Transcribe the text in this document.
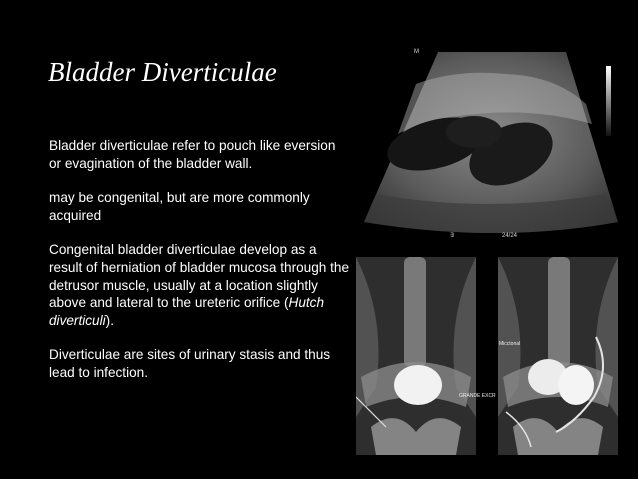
Bladder Diverticulae

Bladder diverticulae refer to pouch like eversion or evagination of the bladder wall.

may be congenital, but are more commonly acquired

Congenital bladder diverticulae develop as a result of herniation of bladder mucosa through the detrusor muscle, usually at a location slightly above and lateral to the ureteric orifice (Hutch diverticuli).

Diverticulae are sites of urinary stasis and thus lead to infection.

M
∃	24/24
Micctonal
GRANDE EXCR
